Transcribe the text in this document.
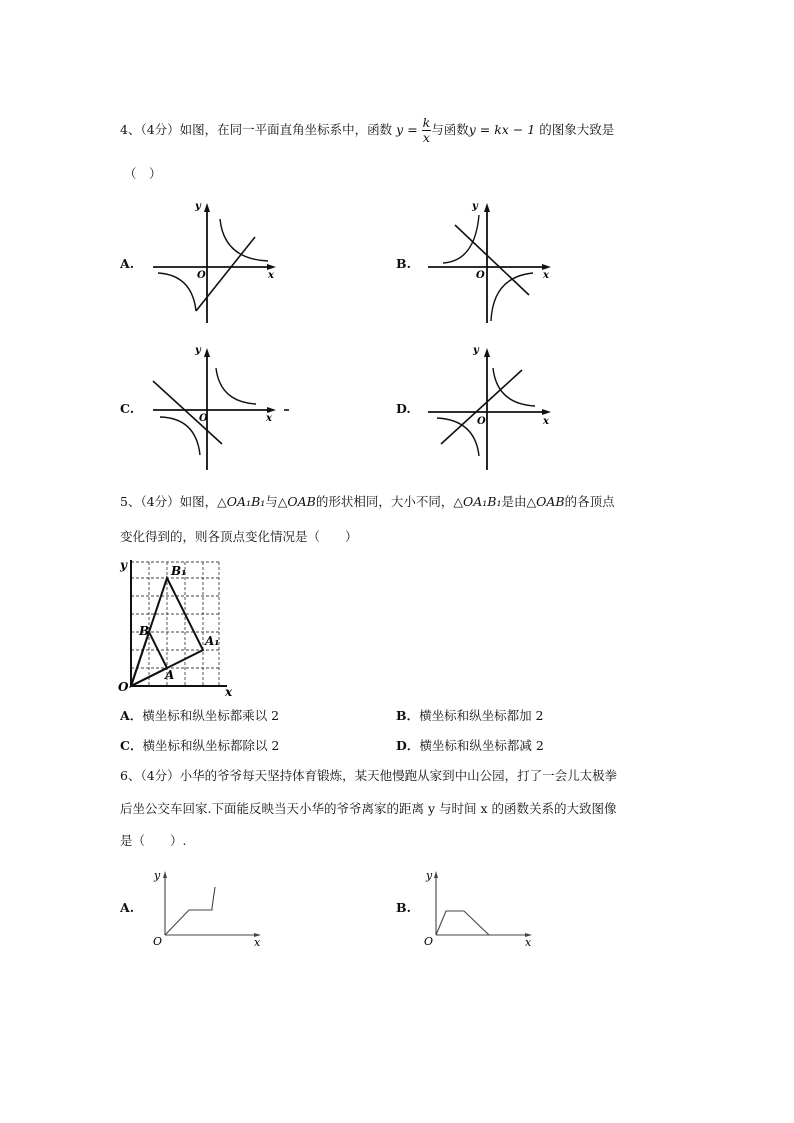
4、（4分）如图，在同一平面直角坐标系中，函数 $y = \frac{k}{x}$ 与函数y = kx − 1 的图象大致是
（　）
A.
y
x
O
B.
y
x
O
C.
y
x
O
D.
y
x
O
5、（4分）如图，△OA₁B₁与△OAB的形状相同，大小不同，△OA₁B₁是由△OAB的各顶点
变化得到的，则各顶点变化情况是（　　）
y
x
O
B₁
B
A₁
A
A．横坐标和纵坐标都乘以 2	B．横坐标和纵坐标都加 2
C．横坐标和纵坐标都除以 2	D．横坐标和纵坐标都减 2
6、（4分）小华的爷爷每天坚持体育锻炼，某天他慢跑从家到中山公园，打了一会儿太极拳
后坐公交车回家.下面能反映当天小华的爷爷离家的距离 y 与时间 x 的函数关系的大致图像
是（　　）.
A.
y
x
O
B.
y
x
O
